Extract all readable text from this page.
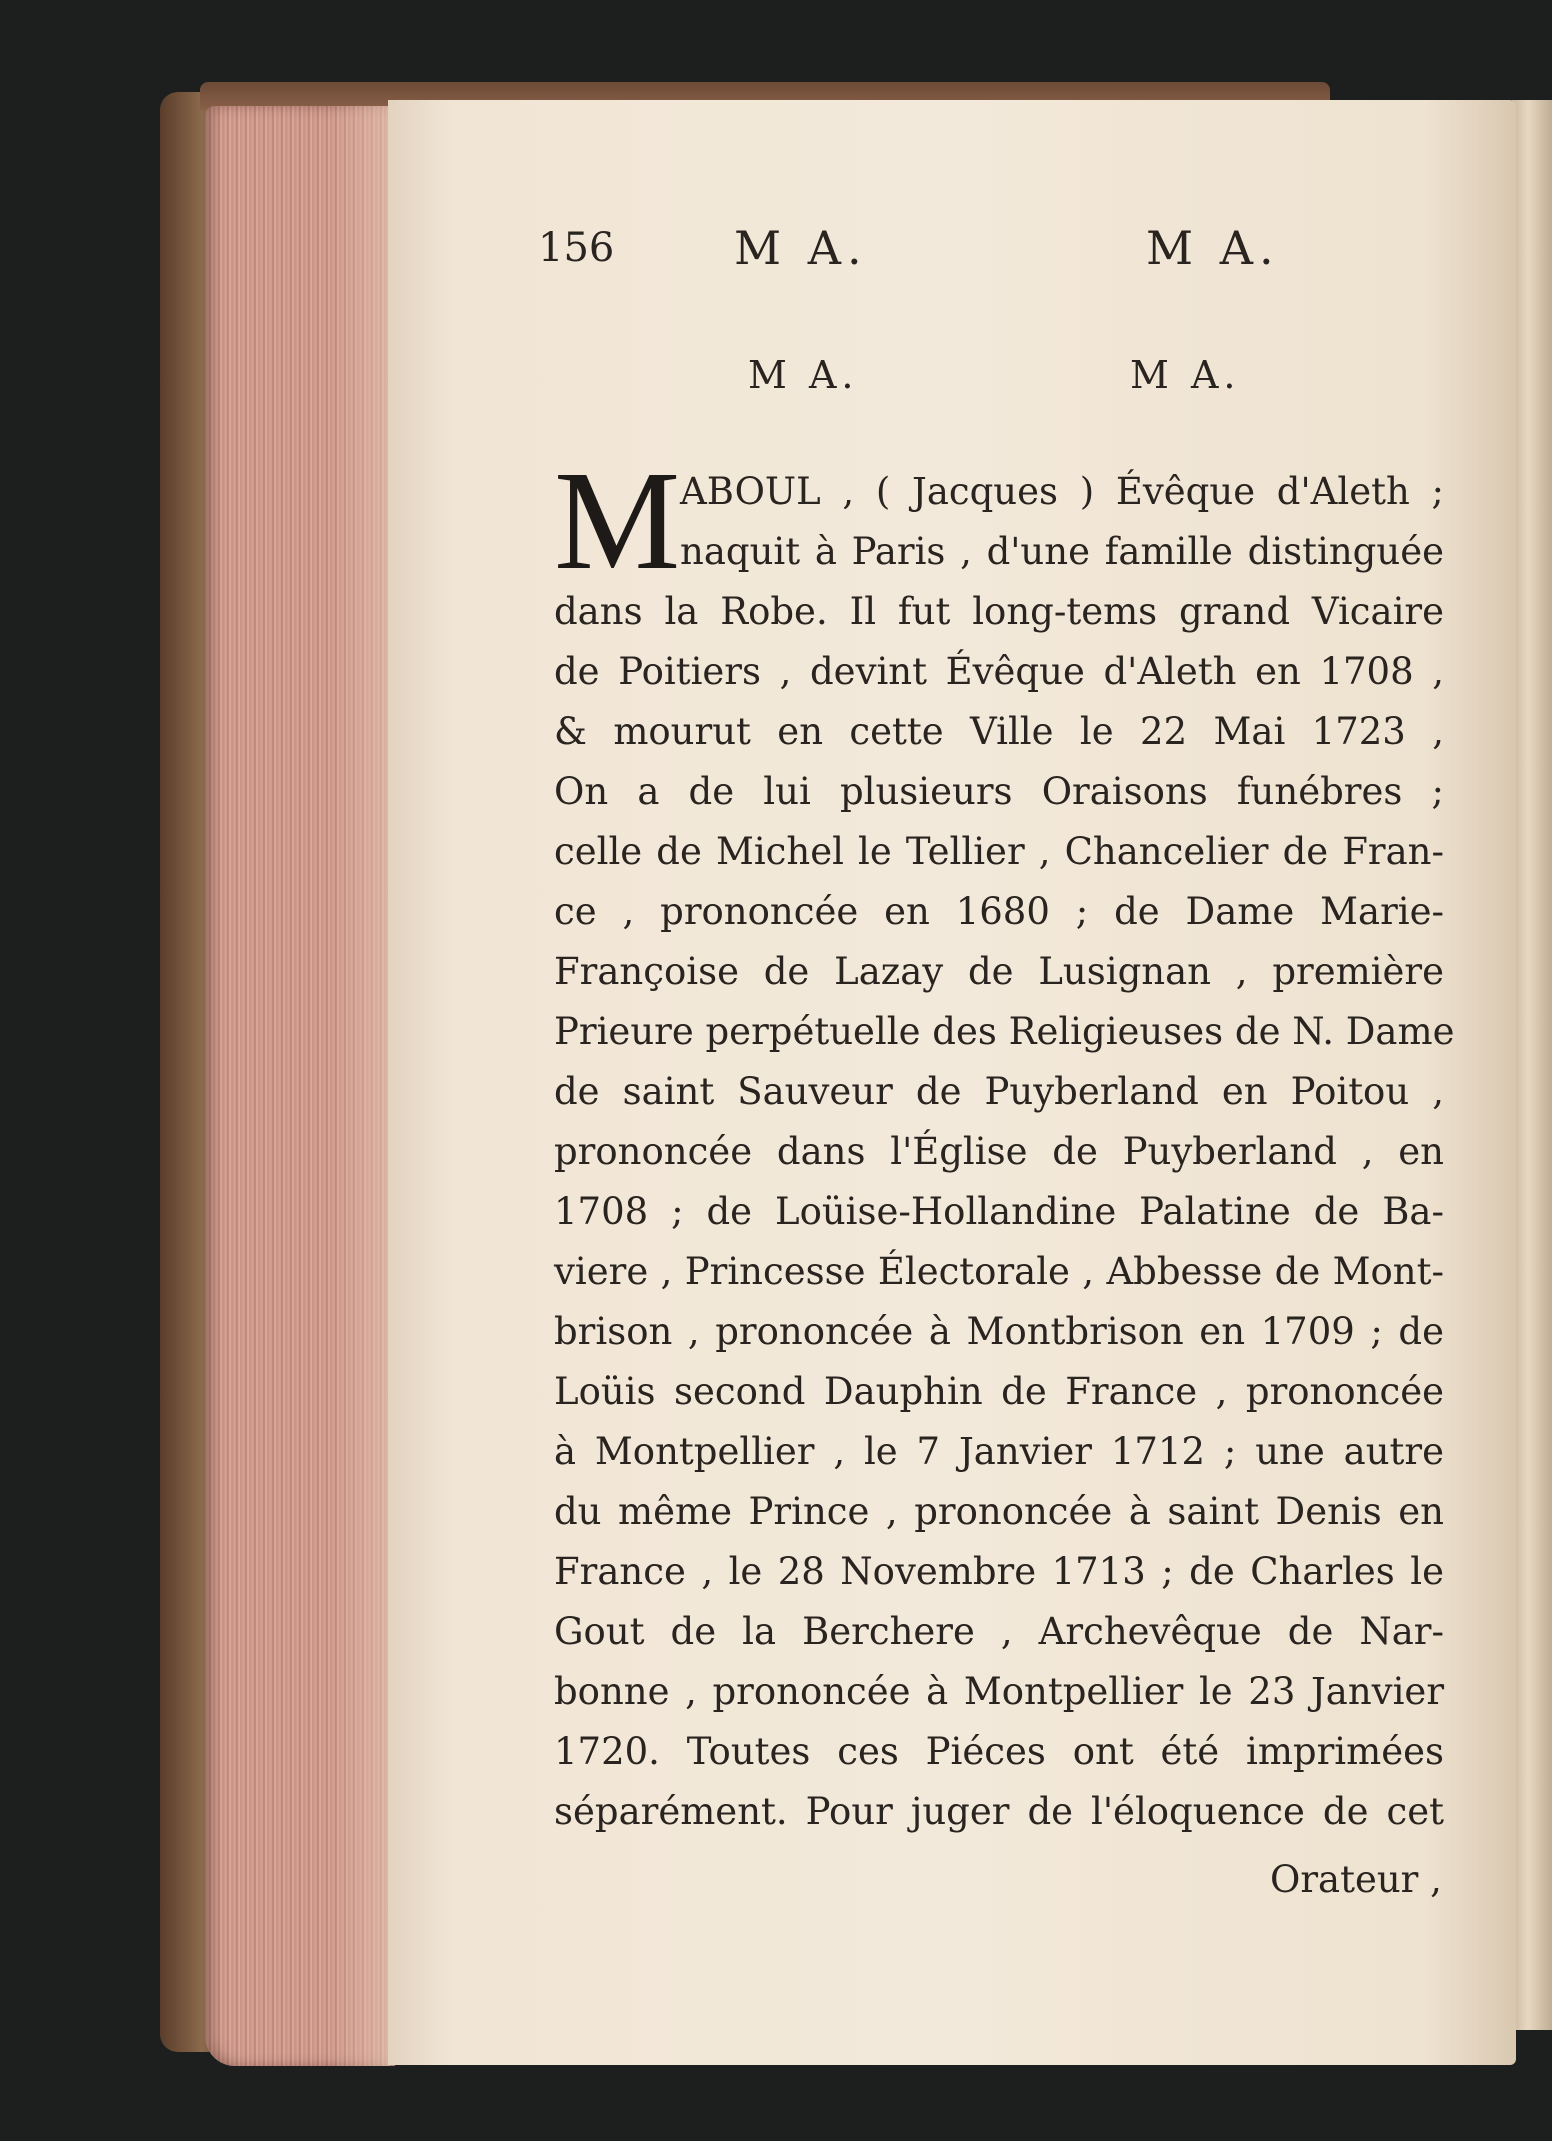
156	M A.	M A.
M A.	M A.
M ABOUL , ( Jacques ) Évêque d'Aleth ;
naquit à Paris , d'une famille distinguée
dans la Robe. Il fut long-tems grand Vicaire
de Poitiers , devint Évêque d'Aleth en 1708 ,
& mourut en cette Ville le 22 Mai 1723 ,
On a de lui plusieurs Oraisons funébres ;
celle de Michel le Tellier , Chancelier de Fran-
ce , prononcée en 1680 ; de Dame Marie-
Françoise de Lazay de Lusignan , première
Prieure perpétuelle des Religieuses de N. Dame
de saint Sauveur de Puyberland en Poitou ,
prononcée dans l'Église de Puyberland , en
1708 ; de Loüise-Hollandine Palatine de Ba-
viere , Princesse Électorale , Abbesse de Mont-
brison , prononcée à Montbrison en 1709 ; de
Loüis second Dauphin de France , prononcée
à Montpellier , le 7 Janvier 1712 ; une autre
du même Prince , prononcée à saint Denis en
France , le 28 Novembre 1713 ; de Charles le
Gout de la Berchere , Archevêque de Nar-
bonne , prononcée à Montpellier le 23 Janvier
1720. Toutes ces Piéces ont été imprimées
séparément. Pour juger de l'éloquence de cet
Orateur ,
